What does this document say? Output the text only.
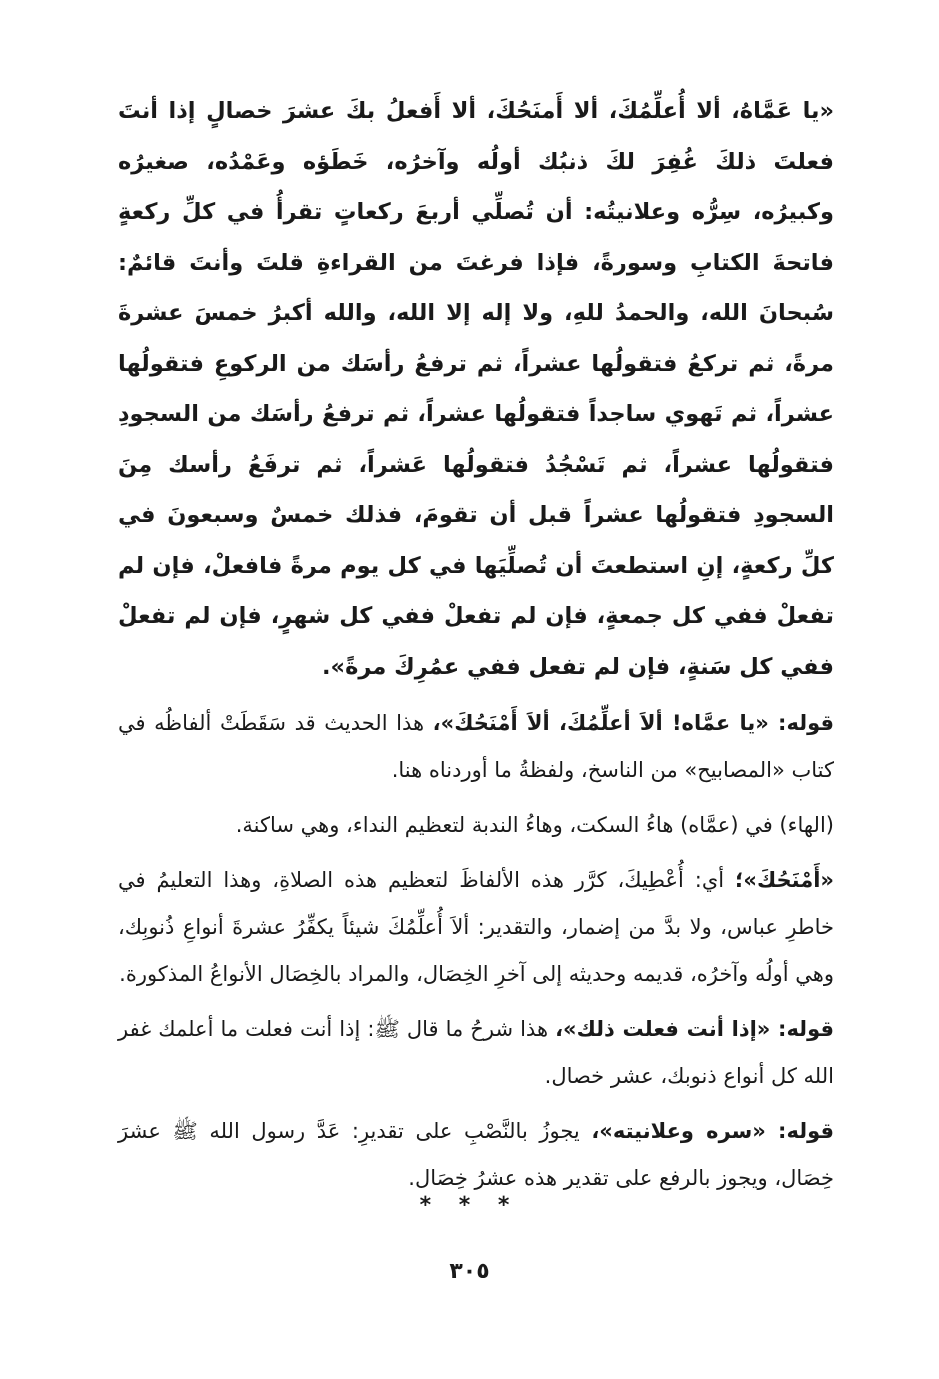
«يا عَمَّاهُ، ألا أُعلِّمُكَ، ألا أَمنَحُكَ، ألا أَفعلُ بكَ عشرَ خصالٍ إذا أنتَ فعلتَ ذلكَ غُفِرَ لكَ ذنبُك أولُه وآخرُه، خَطَؤه وعَمْدُه، صغيرُه وكبيرُه، سِرُّه وعلانيتُه: أن تُصلِّي أربعَ ركعاتٍ تقرأُ في كلِّ ركعةٍ فاتحةَ الكتابِ وسورةً، فإذا فرغتَ من القراءةِ قلتَ وأنتَ قائمٌ: سُبحانَ الله، والحمدُ للهِ، ولا إله إلا الله، والله أكبرُ خمسَ عشرةَ مرةً، ثم تركعُ فتقولُها عشراً، ثم ترفعُ رأسَك من الركوعِ فتقولُها عشراً، ثم تَهوي ساجداً فتقولُها عشراً، ثم ترفعُ رأسَك من السجودِ فتقولُها عشراً، ثم تَسْجُدُ فتقولُها عَشراً، ثم ترفَعُ رأسك مِنَ السجودِ فتقولُها عشراً قبل أن تقومَ، فذلك خمسٌ وسبعونَ في كلِّ ركعةٍ، إنِ استطعتَ أن تُصلِّيَها في كل يوم مرةً فافعلْ، فإن لم تفعلْ ففي كل جمعةٍ، فإن لم تفعلْ ففي كل شهرٍ، فإن لم تفعلْ ففي كل سَنةٍ، فإن لم تفعل ففي عمُرِكَ مرةً».

قوله: «يا عمَّاه! ألاَ أعلِّمُكَ، ألاَ أَمْنَحُكَ»، هذا الحديث قد سَقَطَتْ ألفاظُه في كتاب «المصابيح» من الناسخ، ولفظةُ ما أوردناه هنا.

(الهاء) في (عمَّاه) هاءُ السكت، وهاءُ الندبة لتعظيم النداء، وهي ساكنة.

«أَمْنَحُكَ»؛ أي: أُعْطِيكَ، كرَّر هذه الألفاظَ لتعظيم هذه الصلاةِ، وهذا التعليمُ في خاطرِ عباس، ولا بدَّ من إضمار، والتقدير: ألاَ أُعلِّمُكَ شيئاً يكفِّرُ عشرةَ أنواعِ ذُنوبِك، وهي أولُه وآخرُه، قديمه وحديثه إلى آخرِ الخِصَال، والمراد بالخِصَال الأنواعُ المذكورة.

قوله: «إذا أنت فعلت ذلك»، هذا شرحُ ما قال ﷺ: إذا أنت فعلت ما أعلمك غفر الله كل أنواع ذنوبك، عشر خصال.

قوله: «سره وعلانيته»، يجوزُ بالنَّصْبِ على تقديرِ: عَدَّ رسول الله ﷺ عشرَ خِصَال، ويجوز بالرفع على تقدير هذه عشرُ خِصَال.

* * *
٣٠٥
